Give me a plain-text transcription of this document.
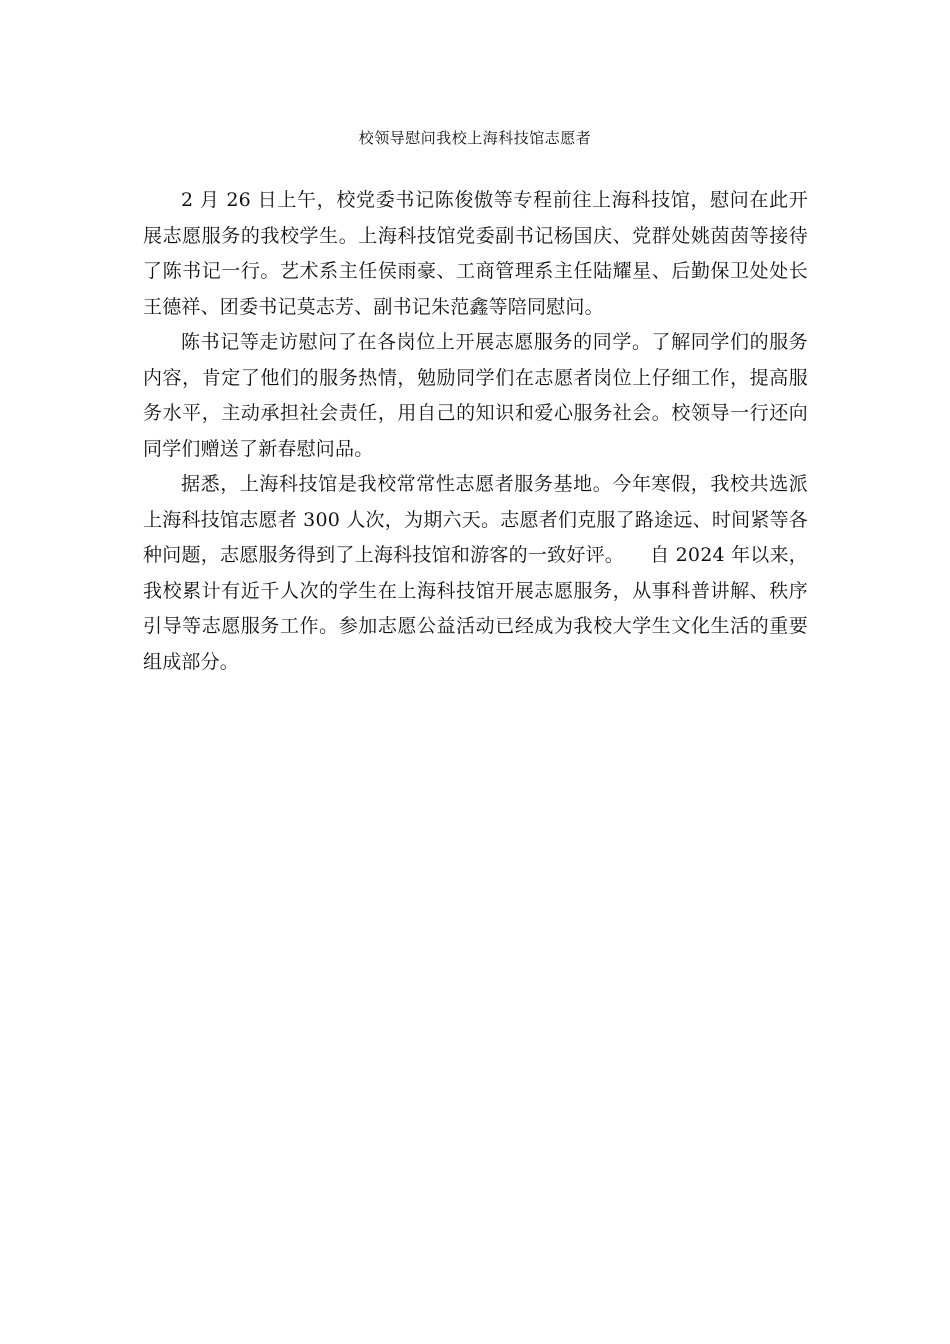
校领导慰问我校上海科技馆志愿者

2 月 26 日上午，校党委书记陈俊傲等专程前往上海科技馆，慰问在此开展志愿服务的我校学生。上海科技馆党委副书记杨国庆、党群处姚茵茵等接待了陈书记一行。艺术系主任侯雨豪、工商管理系主任陆耀星、后勤保卫处处长王德祥、团委书记莫志芳、副书记朱范鑫等陪同慰问。

陈书记等走访慰问了在各岗位上开展志愿服务的同学。了解同学们的服务内容，肯定了他们的服务热情，勉励同学们在志愿者岗位上仔细工作，提高服务水平，主动承担社会责任，用自己的知识和爱心服务社会。校领导一行还向同学们赠送了新春慰问品。

据悉，上海科技馆是我校常常性志愿者服务基地。今年寒假，我校共选派上海科技馆志愿者 300 人次，为期六天。志愿者们克服了路途远、时间紧等各种问题，志愿服务得到了上海科技馆和游客的一致好评。 自 2024 年以来，我校累计有近千人次的学生在上海科技馆开展志愿服务，从事科普讲解、秩序引导等志愿服务工作。参加志愿公益活动已经成为我校大学生文化生活的重要组成部分。
